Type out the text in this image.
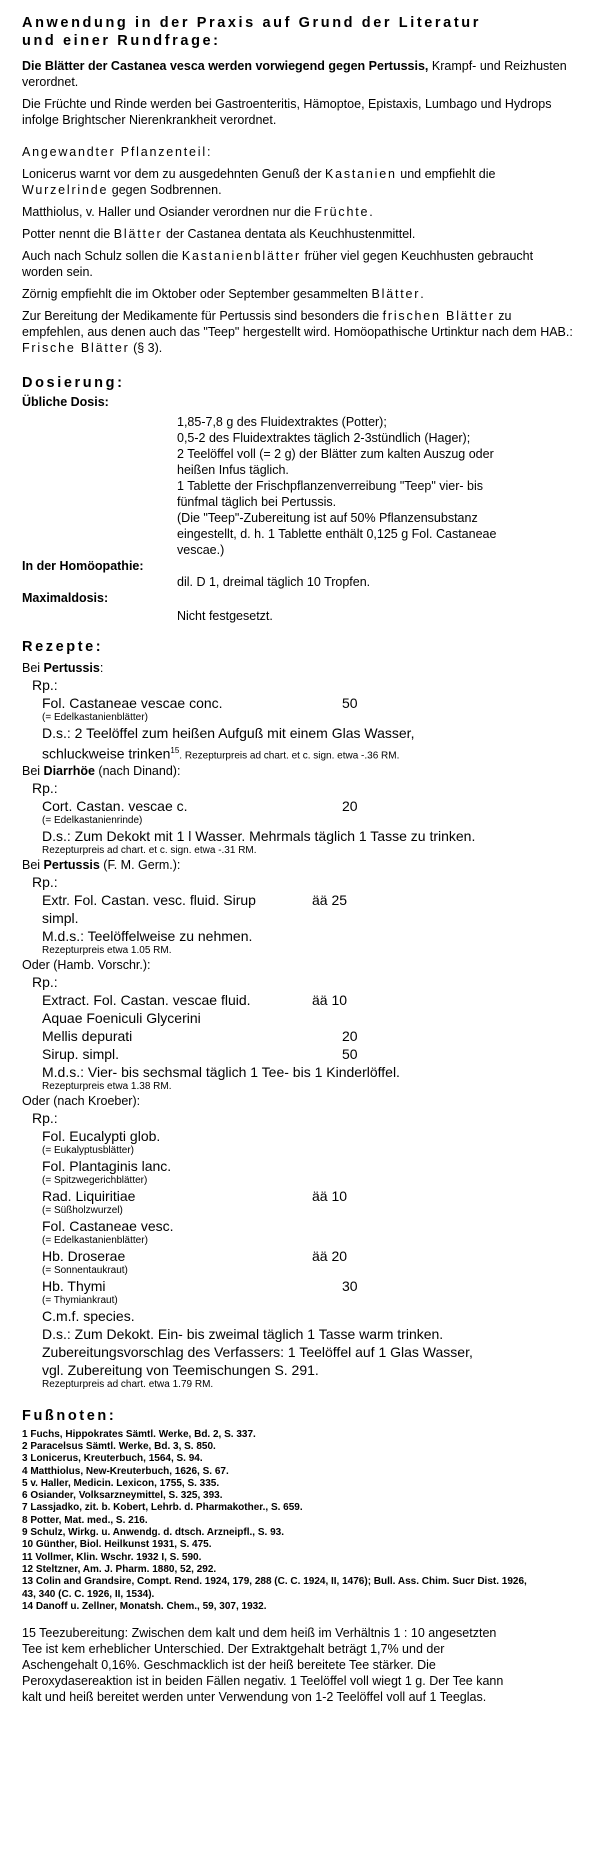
Anwendung in der Praxis auf Grund der Literatur und einer Rundfrage:

Die Blätter der Castanea vesca werden vorwiegend gegen Pertussis, Krampf- und Reizhusten verordnet.

Die Früchte und Rinde werden bei Gastroenteritis, Hämoptoe, Epistaxis, Lumbago und Hydrops infolge Brightscher Nierenkrankheit verordnet.

Angewandter Pflanzenteil:

Lonicerus warnt vor dem zu ausgedehnten Genuß der Kastanien und empfiehlt die Wurzelrinde gegen Sodbrennen.

Matthiolus, v. Haller und Osiander verordnen nur die Früchte.

Potter nennt die Blätter der Castanea dentata als Keuchhustenmittel.

Auch nach Schulz sollen die Kastanienblätter früher viel gegen Keuchhusten gebraucht worden sein.

Zörnig empfiehlt die im Oktober oder September gesammelten Blätter.

Zur Bereitung der Medikamente für Pertussis sind besonders die frischen Blätter zu empfehlen, aus denen auch das "Teep" hergestellt wird. Homöopathische Urtinktur nach dem HAB.: Frische Blätter (§ 3).

Dosierung:
Übliche Dosis:
1,85-7,8 g des Fluidextraktes (Potter);
0,5-2 des Fluidextraktes täglich 2-3stündlich (Hager);
2 Teelöffel voll (= 2 g) der Blätter zum kalten Auszug oder
heißen Infus täglich.
1 Tablette der Frischpflanzenverreibung "Teep" vier- bis
fünfmal täglich bei Pertussis.
(Die "Teep"-Zubereitung ist auf 50% Pflanzensubstanz
eingestellt, d. h. 1 Tablette enthält 0,125 g Fol. Castaneae
vescae.)
In der Homöopathie:
dil. D 1, dreimal täglich 10 Tropfen.
Maximaldosis:
Nicht festgesetzt.
Rezepte:
Bei Pertussis:
Rp.:
Fol. Castaneae vescae conc.	50
(= Edelkastanienblätter)
D.s.: 2 Teelöffel zum heißen Aufguß mit einem Glas Wasser,
schluckweise trinken$^{15}$. Rezepturpreis ad chart. et c. sign. etwa -.36 RM.
Bei Diarrhöe (nach Dinand):
Rp.:
Cort. Castan. vescae c.	20
(= Edelkastanienrinde)
D.s.: Zum Dekokt mit 1 l Wasser. Mehrmals täglich 1 Tasse zu trinken.
Rezepturpreis ad chart. et c. sign. etwa -.31 RM.
Bei Pertussis (F. M. Germ.):
Rp.:
Extr. Fol. Castan. vesc. fluid. Sirup	ää 25
simpl.
M.d.s.: Teelöffelweise zu nehmen.
Rezepturpreis etwa 1.05 RM.
Oder (Hamb. Vorschr.):
Rp.:
Extract. Fol. Castan. vescae fluid.	ää 10
Aquae Foeniculi Glycerini
Mellis depurati	20
Sirup. simpl.	50
M.d.s.: Vier- bis sechsmal täglich 1 Tee- bis 1 Kinderlöffel.
Rezepturpreis etwa 1.38 RM.
Oder (nach Kroeber):
Rp.:
Fol. Eucalypti glob.
(= Eukalyptusblätter)
Fol. Plantaginis lanc.
(= Spitzwegerichblätter)
Rad. Liquiritiae	ää 10
(= Süßholzwurzel)
Fol. Castaneae vesc.
(= Edelkastanienblätter)
Hb. Droserae	ää 20
(= Sonnentaukraut)
Hb. Thymi	30
(= Thymiankraut)
C.m.f. species.
D.s.: Zum Dekokt. Ein- bis zweimal täglich 1 Tasse warm trinken.
Zubereitungsvorschlag des Verfassers: 1 Teelöffel auf 1 Glas Wasser,
vgl. Zubereitung von Teemischungen S. 291.
Rezepturpreis ad chart. etwa 1.79 RM.
Fußnoten:
1 Fuchs, Hippokrates Sämtl. Werke, Bd. 2, S. 337.
2 Paracelsus Sämtl. Werke, Bd. 3, S. 850.
3 Lonicerus, Kreuterbuch, 1564, S. 94.
4 Matthiolus, New-Kreuterbuch, 1626, S. 67.
5 v. Haller, Medicin. Lexicon, 1755, S. 335.
6 Osiander, Volksarzneymittel, S. 325, 393.
7 Lassjadko, zit. b. Kobert, Lehrb. d. Pharmakother., S. 659.
8 Potter, Mat. med., S. 216.
9 Schulz, Wirkg. u. Anwendg. d. dtsch. Arzneipfl., S. 93.
10 Günther, Biol. Heilkunst 1931, S. 475.
11 Vollmer, Klin. Wschr. 1932 I, S. 590.
12 Steltzner, Am. J. Pharm. 1880, 52, 292.
13 Colin and Grandsire, Compt. Rend. 1924, 179, 288 (C. C. 1924, II, 1476); Bull. Ass. Chim. Sucr Dist. 1926,
43, 340 (C. C. 1926, II, 1534).
14 Danoff u. Zellner, Monatsh. Chem., 59, 307, 1932.
15 Teezubereitung: Zwischen dem kalt und dem heiß im Verhältnis 1 : 10 angesetzten
Tee ist kem erheblicher Unterschied. Der Extraktgehalt beträgt 1,7% und der
Aschengehalt 0,16%. Geschmacklich ist der heiß bereitete Tee stärker. Die
Peroxydasereaktion ist in beiden Fällen negativ. 1 Teelöffel voll wiegt 1 g. Der Tee kann
kalt und heiß bereitet werden unter Verwendung von 1-2 Teelöffel voll auf 1 Teeglas.
